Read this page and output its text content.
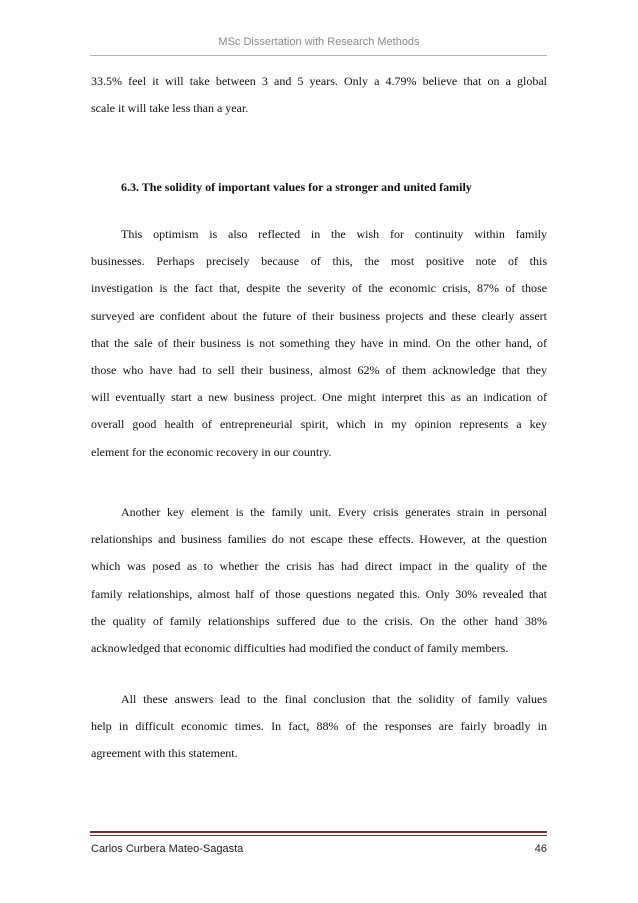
MSc Dissertation with Research Methods
33.5% feel it will take between 3 and 5 years. Only a 4.79% believe that on a global
scale it will take less than a year.
6.3. The solidity of important values for a stronger and united family
This optimism is also reflected in the wish for continuity within family
businesses. Perhaps precisely because of this, the most positive note of this
investigation is the fact that, despite the severity of the economic crisis, 87% of those
surveyed are confident about the future of their business projects and these clearly assert
that the sale of their business is not something they have in mind. On the other hand, of
those who have had to sell their business, almost 62% of them acknowledge that they
will eventually start a new business project. One might interpret this as an indication of
overall good health of entrepreneurial spirit, which in my opinion represents a key
element for the economic recovery in our country.
Another key element is the family unit. Every crisis generates strain in personal
relationships and business families do not escape these effects. However, at the question
which was posed as to whether the crisis has had direct impact in the quality of the
family relationships, almost half of those questions negated this. Only 30% revealed that
the quality of family relationships suffered due to the crisis. On the other hand 38%
acknowledged that economic difficulties had modified the conduct of family members.
All these answers lead to the final conclusion that the solidity of family values
help in difficult economic times. In fact, 88% of the responses are fairly broadly in
agreement with this statement.
Carlos Curbera Mateo-Sagasta	46
